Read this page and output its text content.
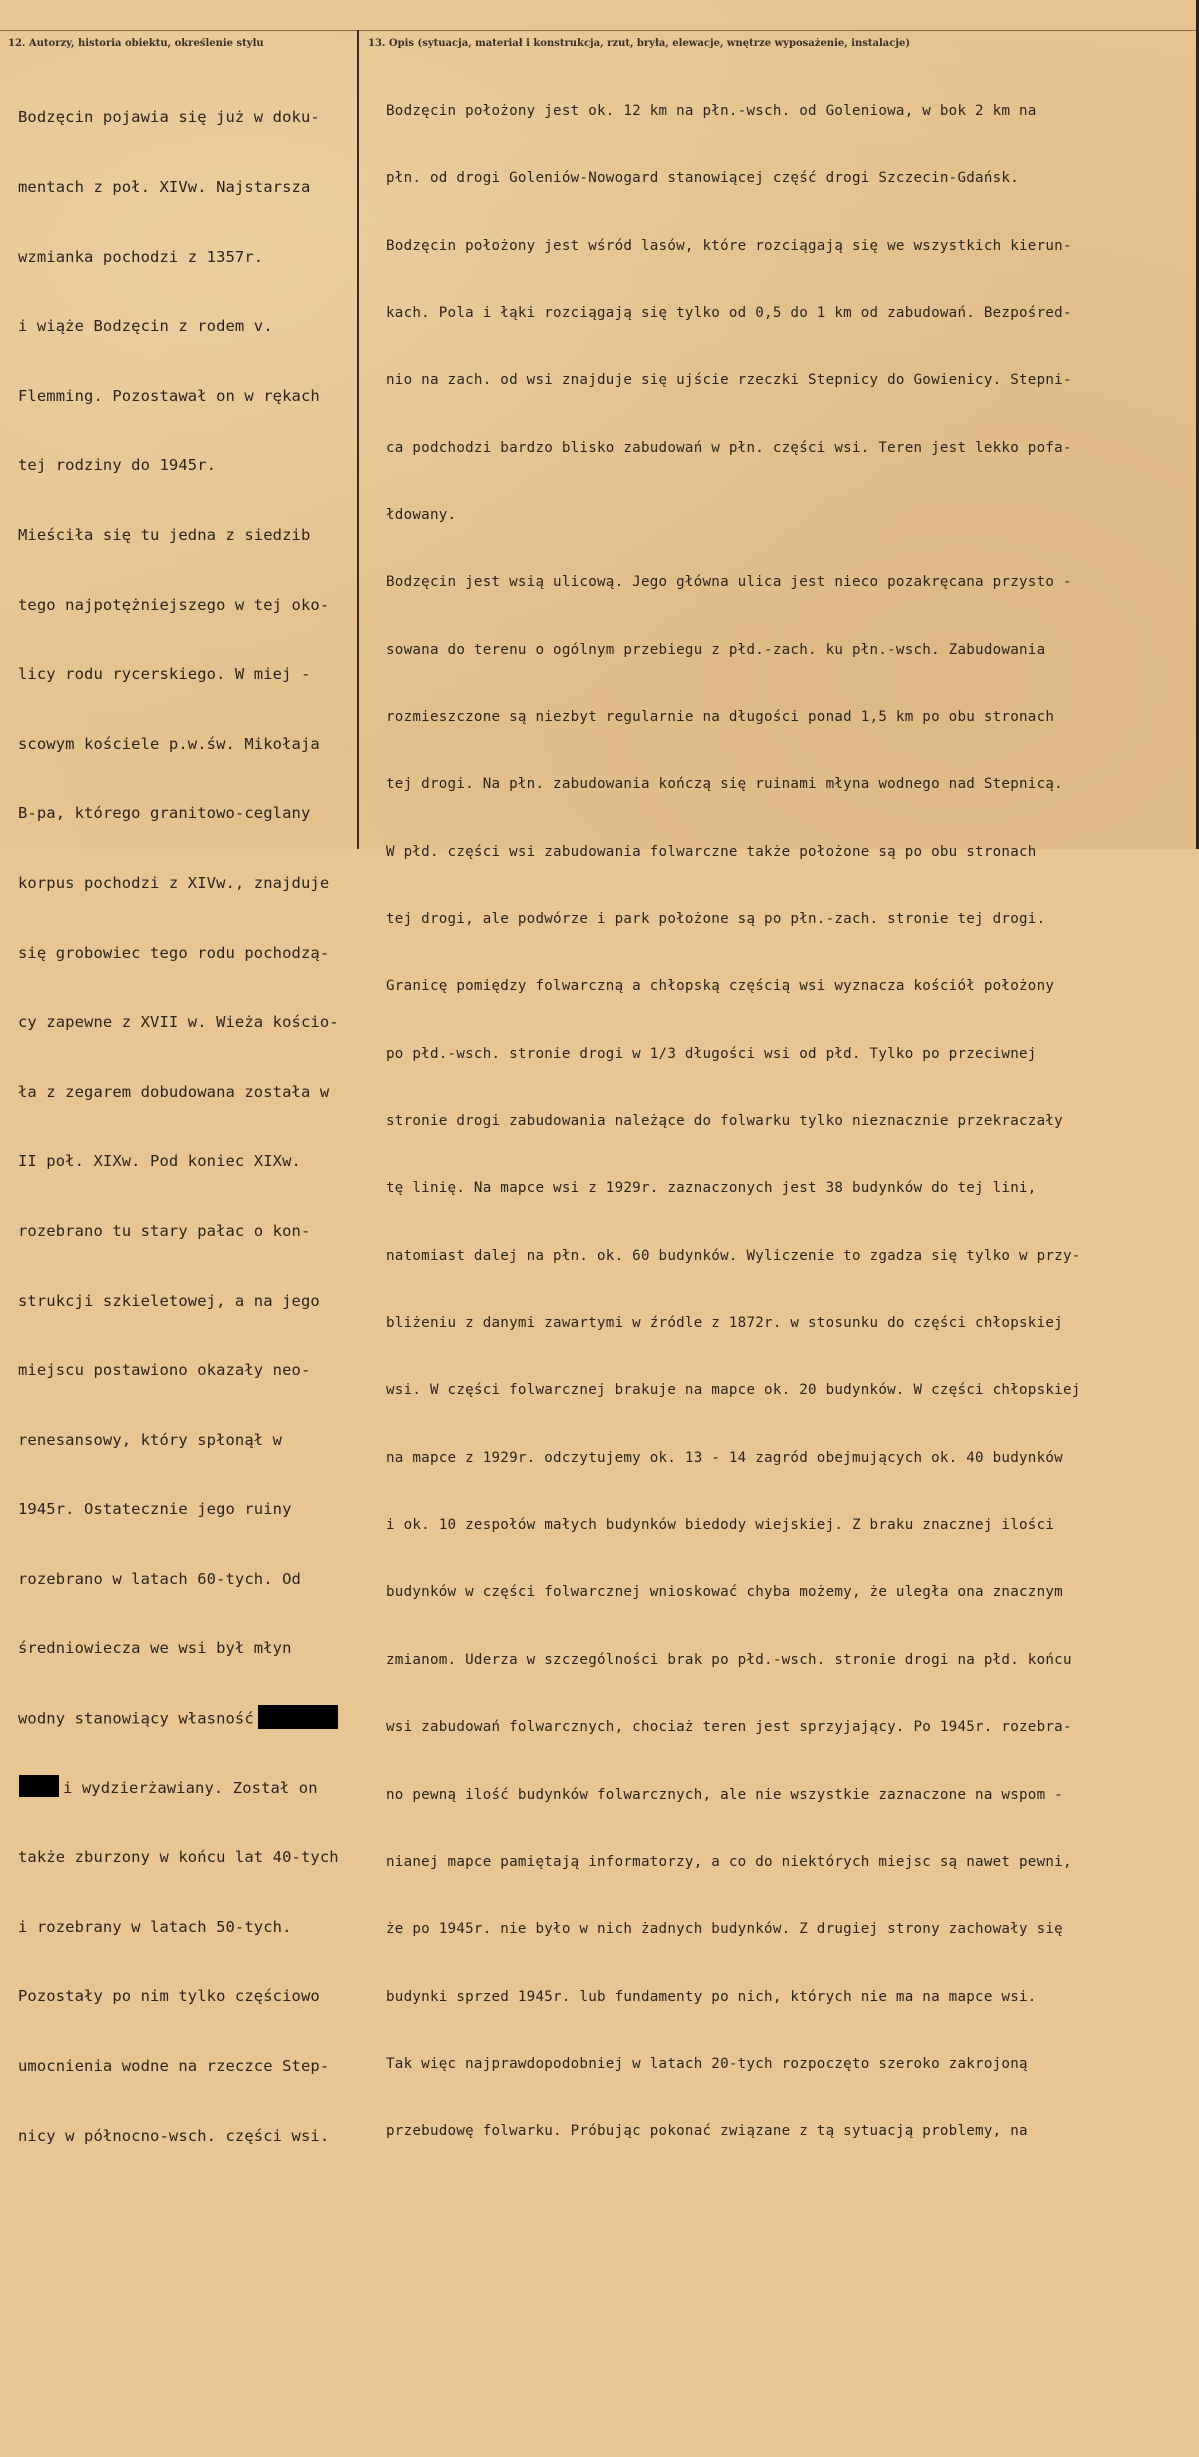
12. Autorzy, historia obiektu, określenie stylu	13. Opis (sytuacja, materiał i konstrukcja, rzut, bryła, elewacje, wnętrze wyposażenie, instalacje)

Bodzęcin pojawia się już w doku-

mentach z poł. XIVw. Najstarsza

wzmianka pochodzi z 1357r.

i wiąże Bodzęcin z rodem v.

Flemming. Pozostawał on w rękach

tej rodziny do 1945r.

Mieściła się tu jedna z siedzib

tego najpotężniejszego w tej oko-

licy rodu rycerskiego. W miej -

scowym kościele p.w.św. Mikołaja

B-pa, którego granitowo-ceglany

korpus pochodzi z XIVw., znajduje

się grobowiec tego rodu pochodzą-

cy zapewne z XVII w. Wieża kościo-

ła z zegarem dobudowana została w

II poł. XIXw. Pod koniec XIXw.

rozebrano tu stary pałac o kon-

strukcji szkieletowej, a na jego

miejscu postawiono okazały neo-

renesansowy, który spłonął w

1945r. Ostatecznie jego ruiny

rozebrano w latach 60-tych. Od

średniowiecza we wsi był młyn

wodny stanowiący własność

i wydzierżawiany. Został on

także zburzony w końcu lat 40-tych

i rozebrany w latach 50-tych.

Pozostały po nim tylko częściowo

umocnienia wodne na rzeczce Step-

nicy w północno-wsch. części wsi.

Bodzęcin położony jest ok. 12 km na płn.-wsch. od Goleniowa, w bok 2 km na

płn. od drogi Goleniów-Nowogard stanowiącej część drogi Szczecin-Gdańsk.

Bodzęcin położony jest wśród lasów, które rozciągają się we wszystkich kierun-

kach. Pola i łąki rozciągają się tylko od 0,5 do 1 km od zabudowań. Bezpośred-

nio na zach. od wsi znajduje się ujście rzeczki Stepnicy do Gowienicy. Stepni-

ca podchodzi bardzo blisko zabudowań w płn. części wsi. Teren jest lekko pofa-

łdowany.

Bodzęcin jest wsią ulicową. Jego główna ulica jest nieco pozakręcana przysto -

sowana do terenu o ogólnym przebiegu z płd.-zach. ku płn.-wsch. Zabudowania

rozmieszczone są niezbyt regularnie na długości ponad 1,5 km po obu stronach

tej drogi. Na płn. zabudowania kończą się ruinami młyna wodnego nad Stepnicą.

W płd. części wsi zabudowania folwarczne także położone są po obu stronach

tej drogi, ale podwórze i park położone są po płn.-zach. stronie tej drogi.

Granicę pomiędzy folwarczną a chłopską częścią wsi wyznacza kościół położony

po płd.-wsch. stronie drogi w 1/3 długości wsi od płd. Tylko po przeciwnej

stronie drogi zabudowania należące do folwarku tylko nieznacznie przekraczały

tę linię. Na mapce wsi z 1929r. zaznaczonych jest 38 budynków do tej lini,

natomiast dalej na płn. ok. 60 budynków. Wyliczenie to zgadza się tylko w przy-

bliżeniu z danymi zawartymi w źródle z 1872r. w stosunku do części chłopskiej

wsi. W części folwarcznej brakuje na mapce ok. 20 budynków. W części chłopskiej

na mapce z 1929r. odczytujemy ok. 13 - 14 zagród obejmujących ok. 40 budynków

i ok. 10 zespołów małych budynków biedody wiejskiej. Z braku znacznej ilości

budynków w części folwarcznej wnioskować chyba możemy, że uległa ona znacznym

zmianom. Uderza w szczególności brak po płd.-wsch. stronie drogi na płd. końcu

wsi zabudowań folwarcznych, chociaż teren jest sprzyjający. Po 1945r. rozebra-

no pewną ilość budynków folwarcznych, ale nie wszystkie zaznaczone na wspom -

nianej mapce pamiętają informatorzy, a co do niektórych miejsc są nawet pewni,

że po 1945r. nie było w nich żadnych budynków. Z drugiej strony zachowały się

budynki sprzed 1945r. lub fundamenty po nich, których nie ma na mapce wsi.

Tak więc najprawdopodobniej w latach 20-tych rozpoczęto szeroko zakrojoną

przebudowę folwarku. Próbując pokonać związane z tą sytuacją problemy, na
